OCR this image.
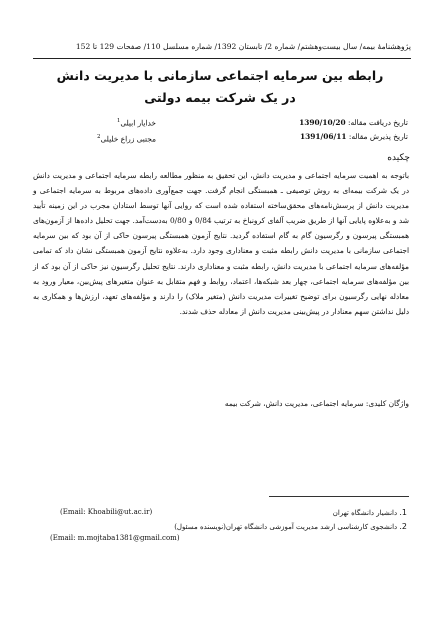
پژوهشنامهٔ بیمه/ سال بیست‌وهشتم/ شماره 2/ تابستان 1392/ شماره مسلسل 110/ صفحات 129 تا 152
رابطه بین سرمایه اجتماعی سازمانی با مدیریت دانش
در یک شرکت بیمه دولتی
تاریخ دریافت مقاله: 1390/10/20
تاریخ پذیرش مقاله: 1391/06/11
خدایار ابیلی$^1$
مجتبی زراع خلیلی$^2$
چکیده
باتوجه به اهمیت سرمایه اجتماعی و مدیریت دانش، این تحقیق به منظور مطالعه رابطه سرمایه اجتماعی و مدیریت دانش در یک شرکت بیمه‌ای به روش توصیفی ـ همبستگی انجام گرفت. جهت جمع‌آوری داده‌های مربوط به سرمایه اجتماعی و مدیریت دانش از پرسش‌نامه‌های محقق‌ساخته استفاده شده است که روایی آنها توسط استادان مجرب در این زمینه تأیید شد و به‌علاوه پایایی آنها از طریق ضریب آلفای کرونباخ به ترتیب 0/84 و 0/80 به‌دست‌آمد. جهت تحلیل داده‌ها از آزمون‌های همبستگی پیرسون و رگرسیون گام به گام استفاده گردید. نتایج آزمون همبستگی پیرسون حاکی از آن بود که بین سرمایه اجتماعی سازمانی با مدیریت دانش رابطه مثبت و معناداری وجود دارد. به‌علاوه نتایج آزمون همبستگی نشان داد که تمامی مؤلفه‌های سرمایه اجتماعی با مدیریت دانش، رابطه مثبت و معناداری دارند. نتایج تحلیل رگرسیون نیز حاکی از آن بود که از بین مؤلفه‌های سرمایه اجتماعی، چهار بعد شبکه‌ها، اعتماد، روابط و فهم متقابل به عنوان متغیرهای پیش‌بین، معیار ورود به معادله نهایی رگرسیون برای توضیح تغییرات مدیریت دانش (متغیر ملاک) را دارند و مؤلفه‌های تعهد، ارزش‌ها و همکاری به دلیل نداشتن سهم معنادار در پیش‌بینی مدیریت دانش از معادله حذف شدند.
واژگان کلیدی: سرمایه اجتماعی، مدیریت دانش، شرکت بیمه
1. دانشیار دانشگاه تهران
(Email: Khoabili@ut.ac.ir)
2. دانشجوی کارشناسی ارشد مدیریت آموزشی دانشگاه تهران(نویسنده مسئول)
(Email: m.mojtaba1381@gmail.com)
